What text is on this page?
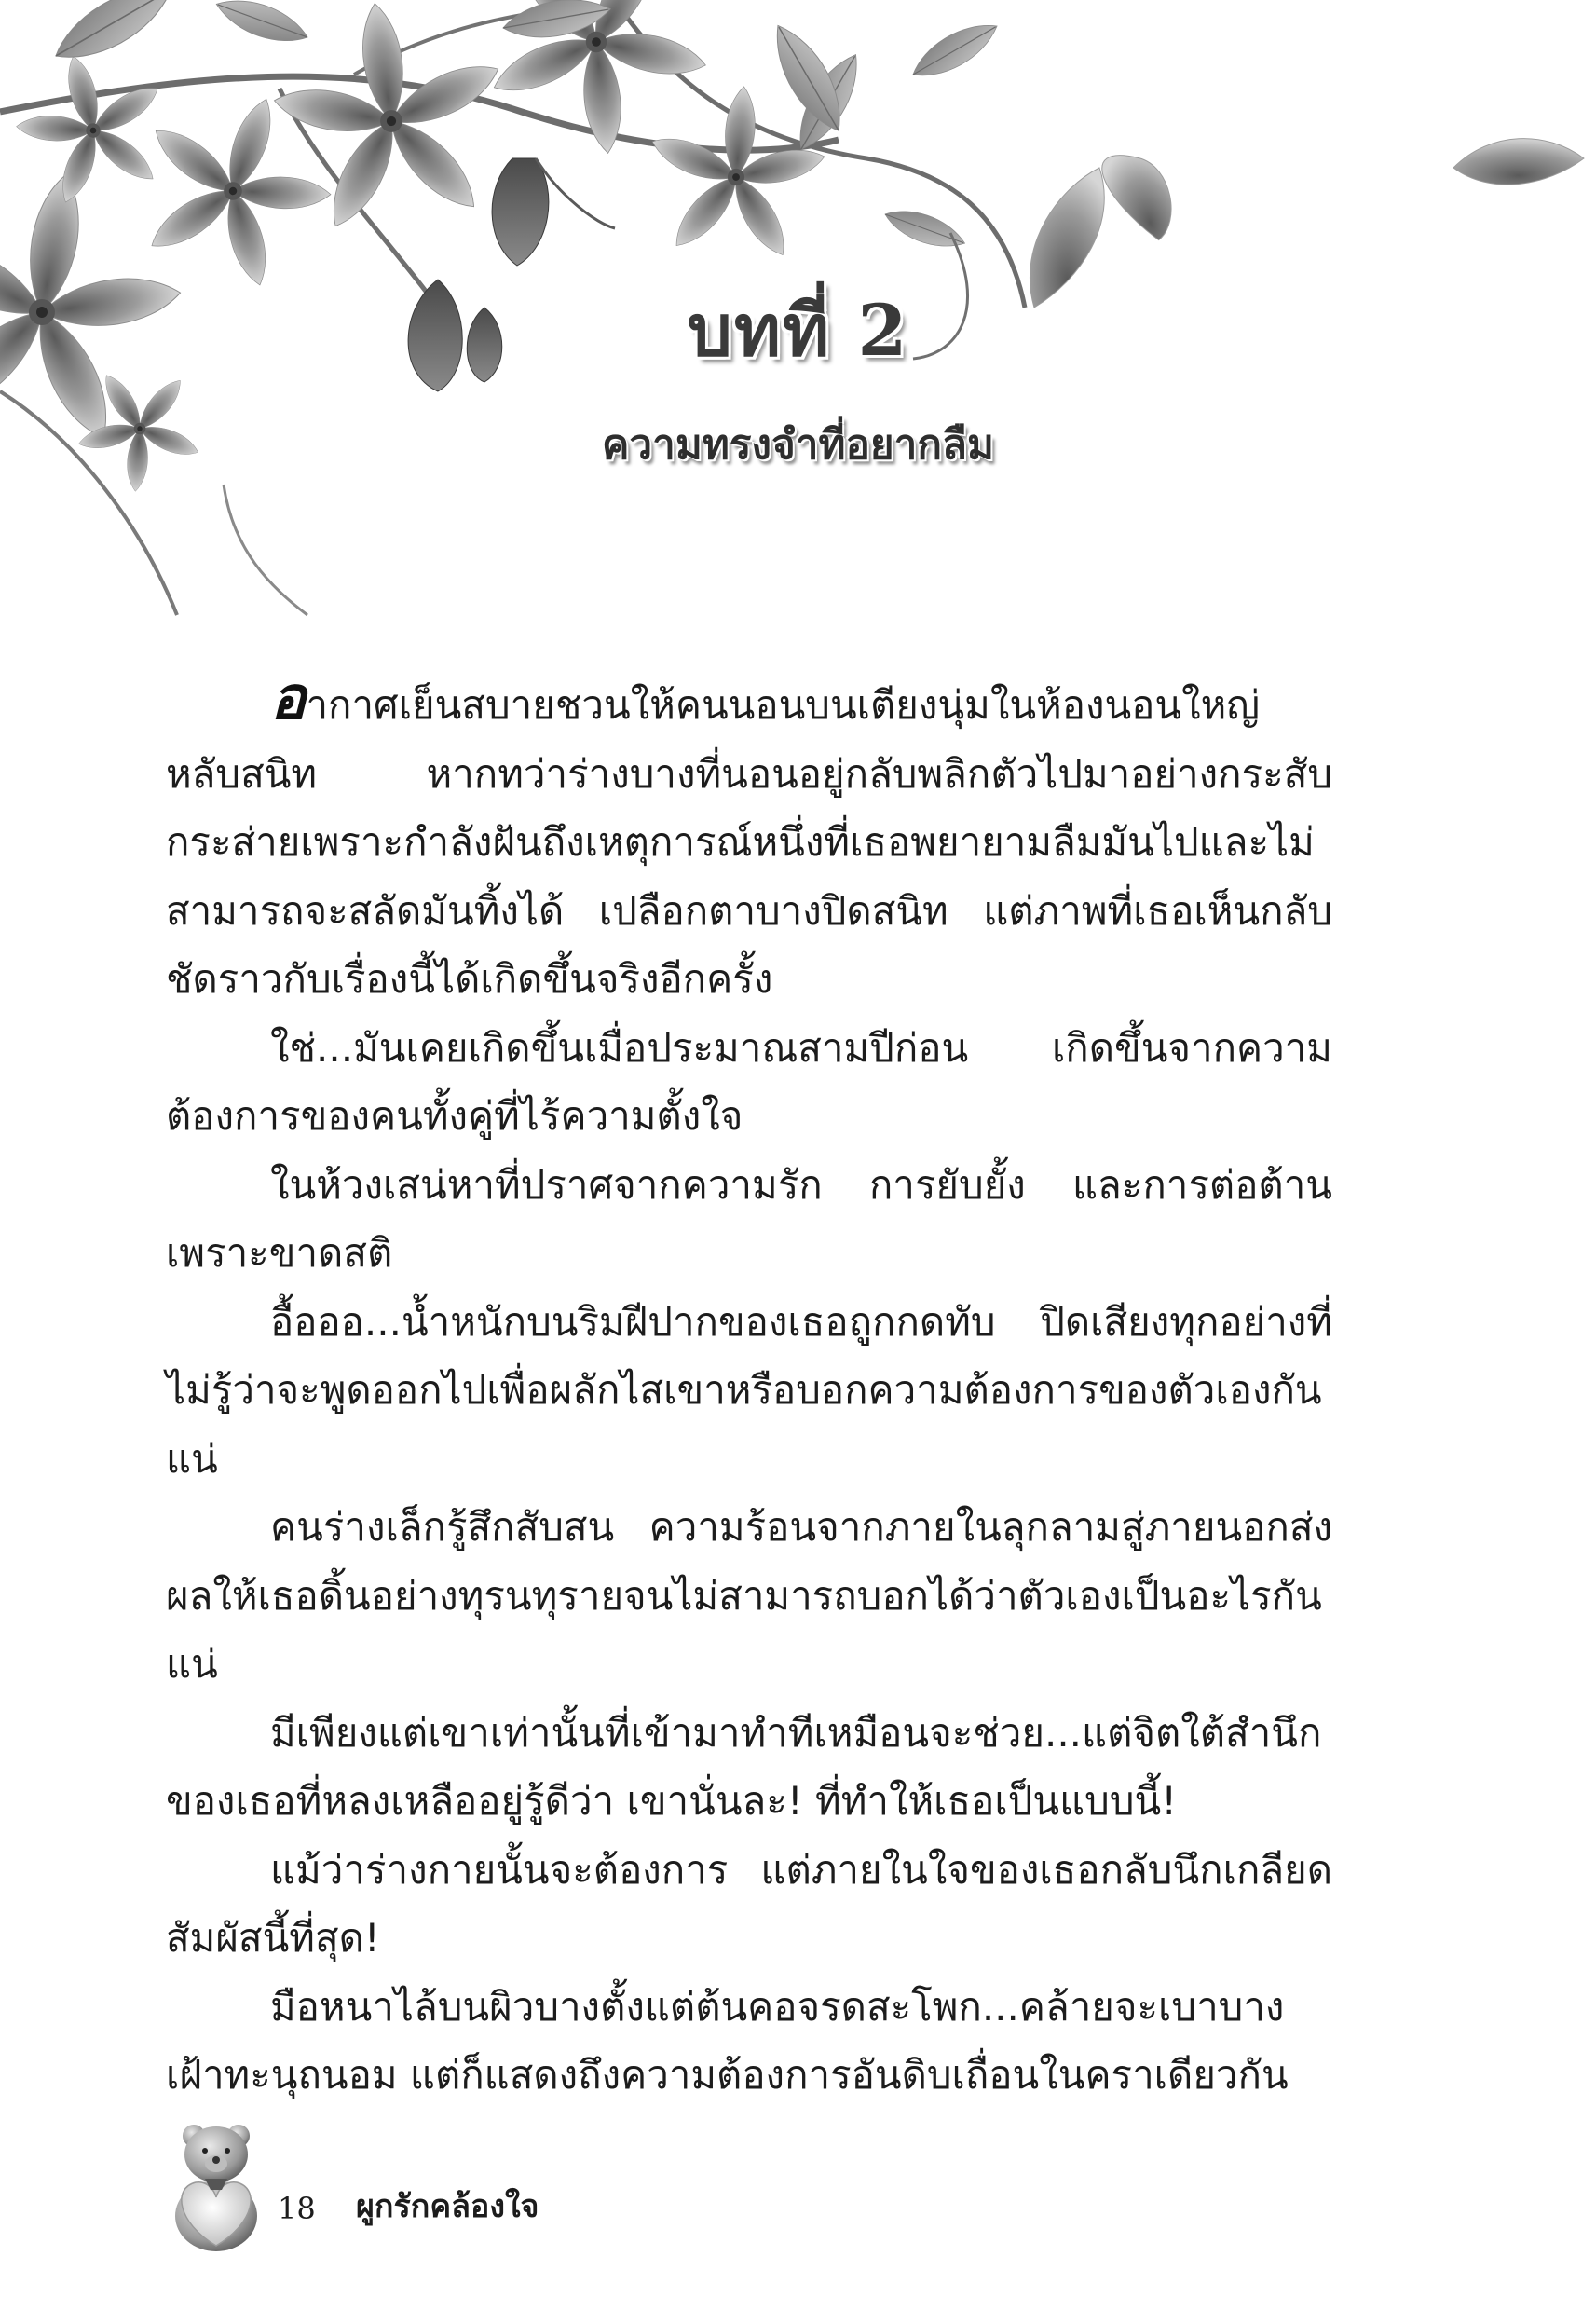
บทที่ 2
ความทรงจำที่อยากลืม

อากาศเย็นสบายชวนให้คนนอนบนเตียงนุ่มในห้องนอนใหญ่หลับสนิท หากทว่าร่างบางที่นอนอยู่กลับพลิกตัวไปมาอย่างกระสับกระส่ายเพราะกำลังฝันถึงเหตุการณ์หนึ่งที่เธอพยายามลืมมันไปและไม่สามารถจะสลัดมันทิ้งได้ เปลือกตาบางปิดสนิท แต่ภาพที่เธอเห็นกลับชัดราวกับเรื่องนี้ได้เกิดขึ้นจริงอีกครั้ง

ใช่...มันเคยเกิดขึ้นเมื่อประมาณสามปีก่อน เกิดขึ้นจากความต้องการของคนทั้งคู่ที่ไร้ความตั้งใจ

ในห้วงเสน่หาที่ปราศจากความรัก การยับยั้ง และการต่อต้านเพราะขาดสติ

อื้อออ...น้ำหนักบนริมฝีปากของเธอถูกกดทับ ปิดเสียงทุกอย่างที่ไม่รู้ว่าจะพูดออกไปเพื่อผลักไสเขาหรือบอกความต้องการของตัวเองกันแน่

คนร่างเล็กรู้สึกสับสน ความร้อนจากภายในลุกลามสู่ภายนอกส่งผลให้เธอดิ้นอย่างทุรนทุรายจนไม่สามารถบอกได้ว่าตัวเองเป็นอะไรกันแน่

มีเพียงแต่เขาเท่านั้นที่เข้ามาทำทีเหมือนจะช่วย...แต่จิตใต้สำนึกของเธอที่หลงเหลืออยู่รู้ดีว่า เขานั่นละ! ที่ทำให้เธอเป็นแบบนี้!

แม้ว่าร่างกายนั้นจะต้องการ แต่ภายในใจของเธอกลับนึกเกลียดสัมผัสนี้ที่สุด!

มือหนาไล้บนผิวบางตั้งแต่ต้นคอจรดสะโพก...คล้ายจะเบาบางเฝ้าทะนุถนอม แต่ก็แสดงถึงความต้องการอันดิบเถื่อนในคราเดียวกัน

18 ผูกรักคล้องใจ
